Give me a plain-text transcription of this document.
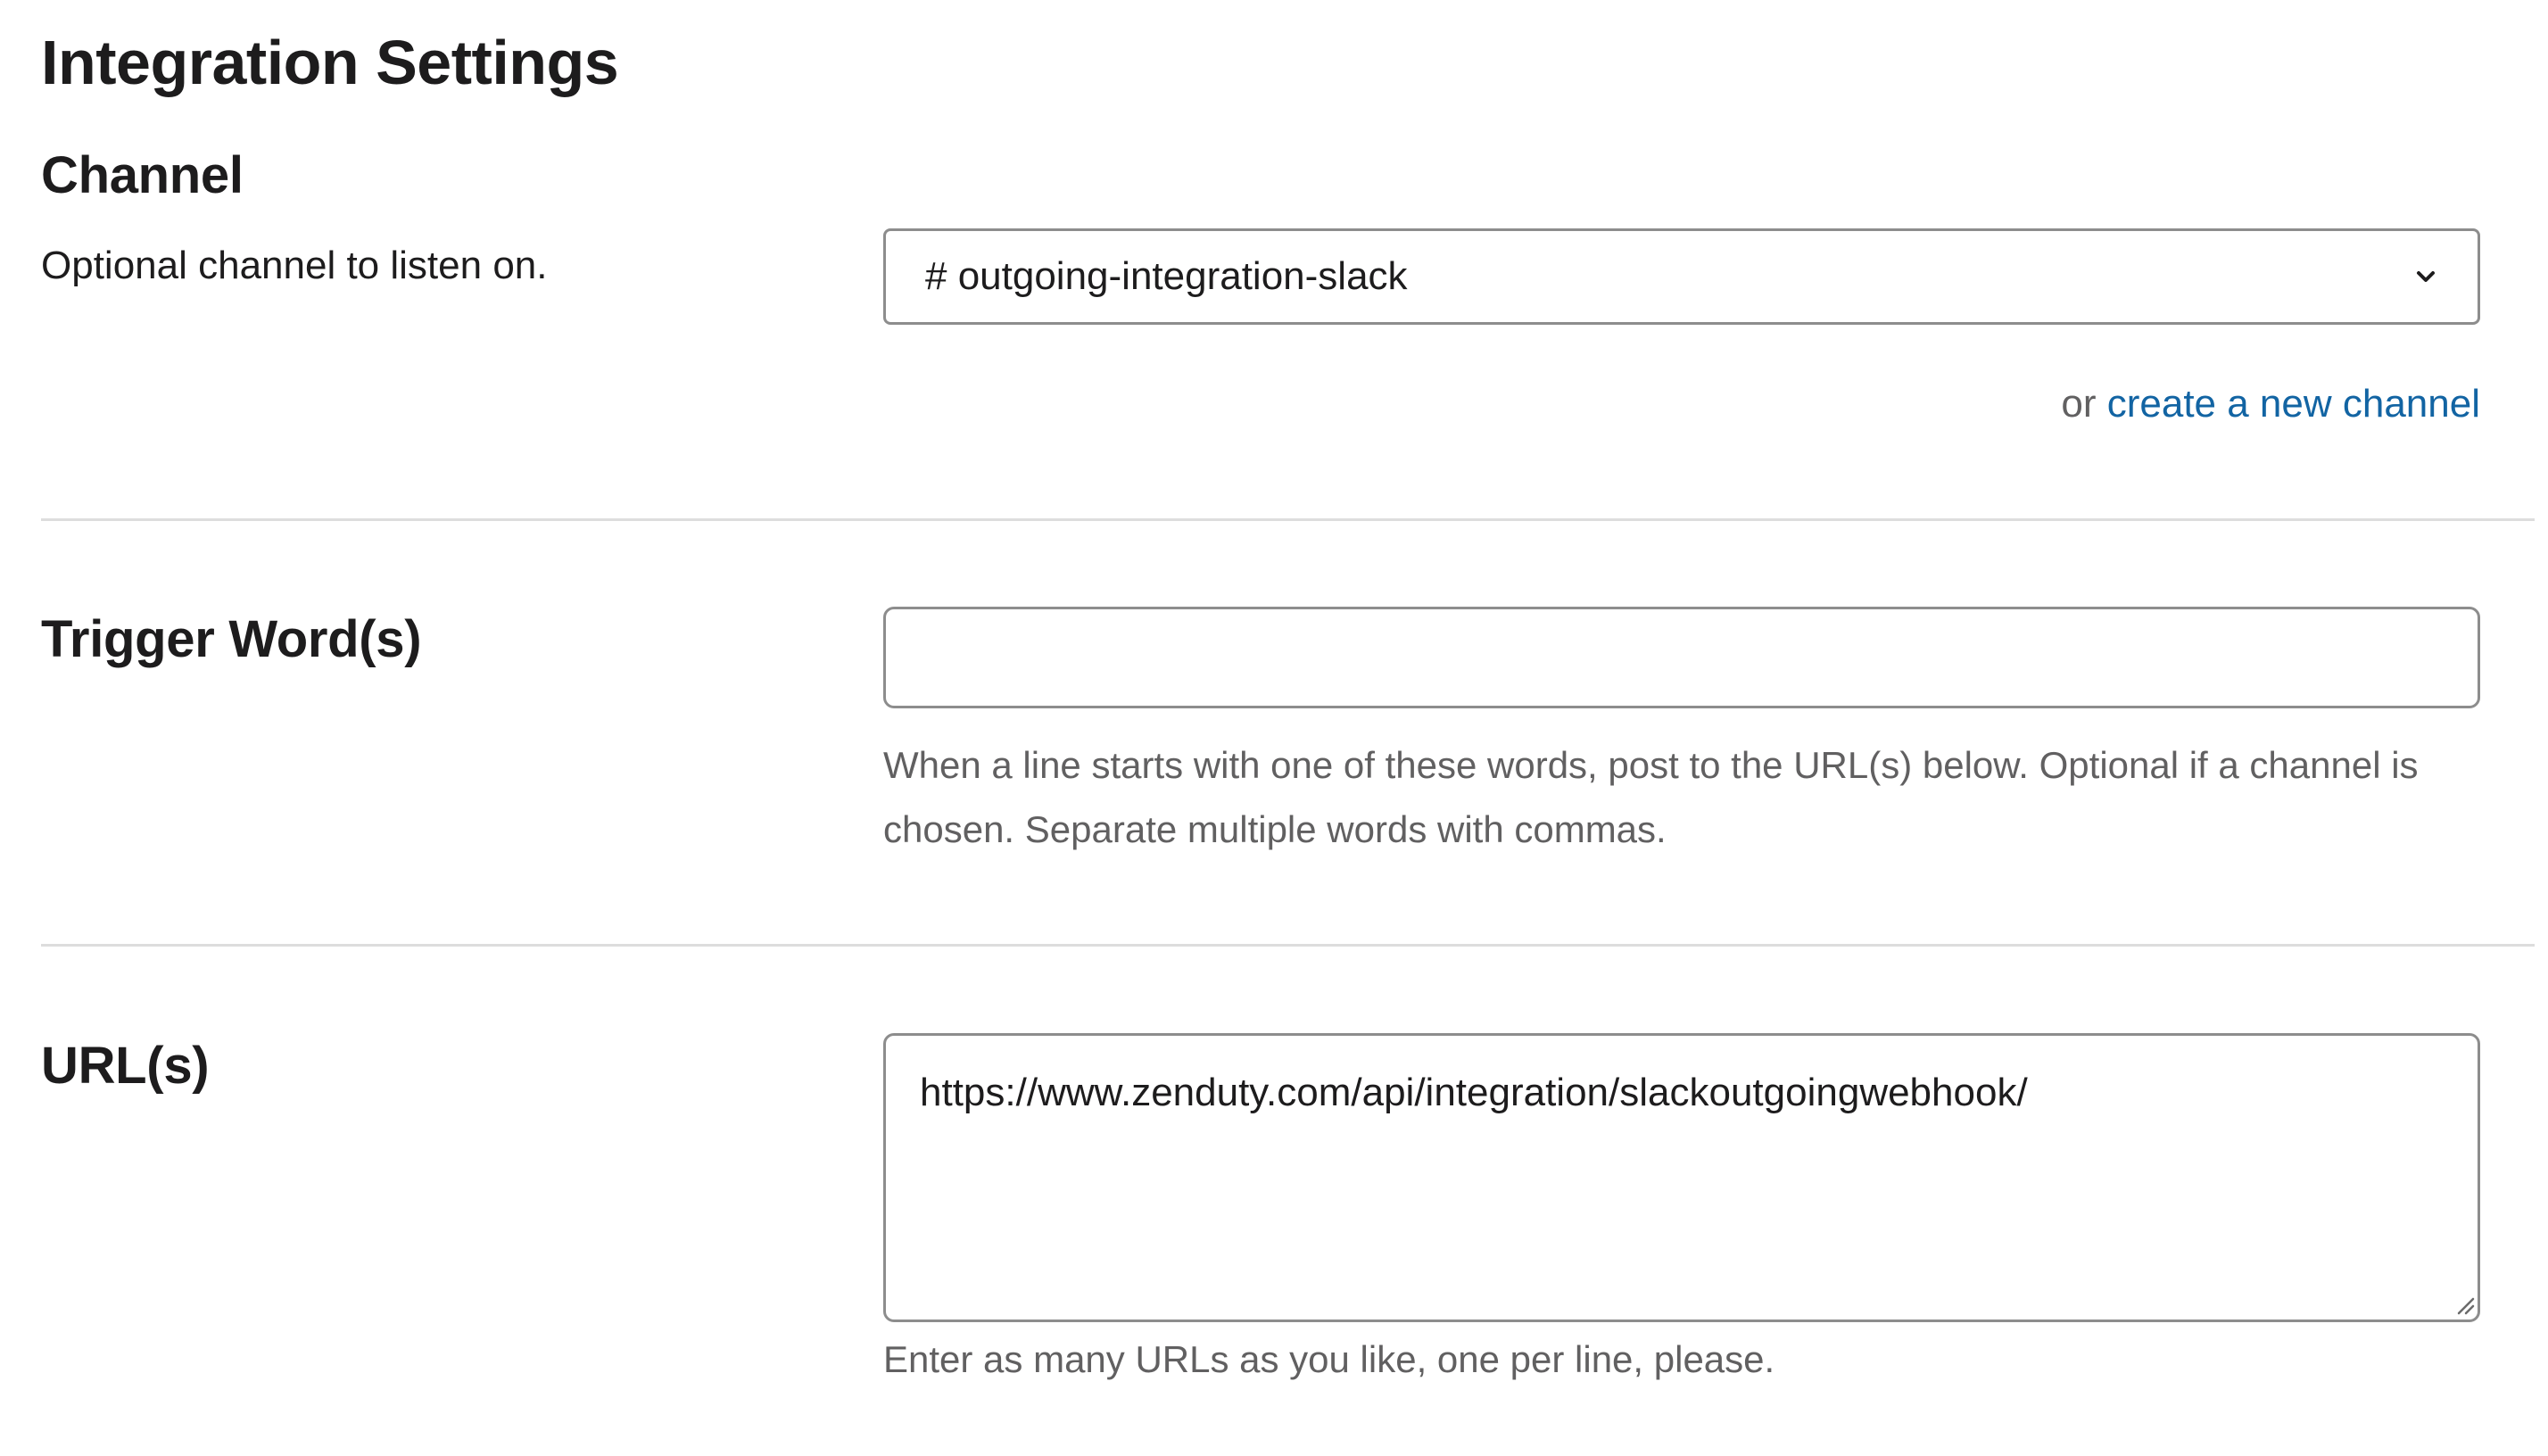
Integration Settings
Channel

Optional channel to listen on.	# outgoing-integration-slack
or create a new channel
Trigger Word(s)

When a line starts with one of these words, post to the URL(s) below. Optional if a channel is

chosen. Separate multiple words with commas.

URL(s)
https://www.zenduty.com/api/integration/slackoutgoingwebhook/

Enter as many URLs as you like, one per line, please.
